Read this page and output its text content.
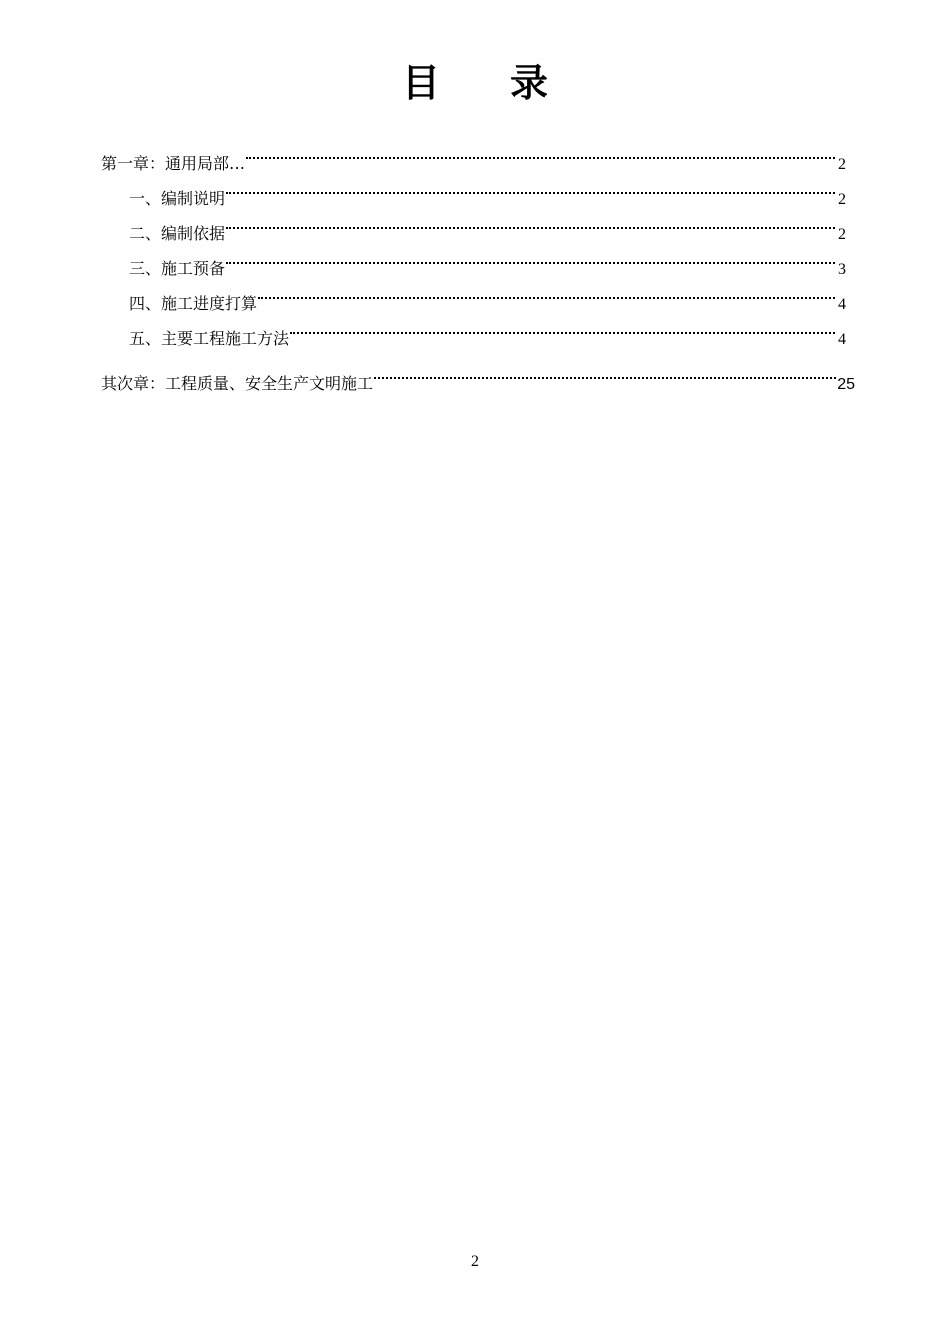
目 录
第一章：通用局部…	2
一、编制说明	2
二、编制依据	2
三、施工预备	3
四、施工进度打算	4
五、主要工程施工方法	4
其次章：工程质量、安全生产文明施工	25
2
